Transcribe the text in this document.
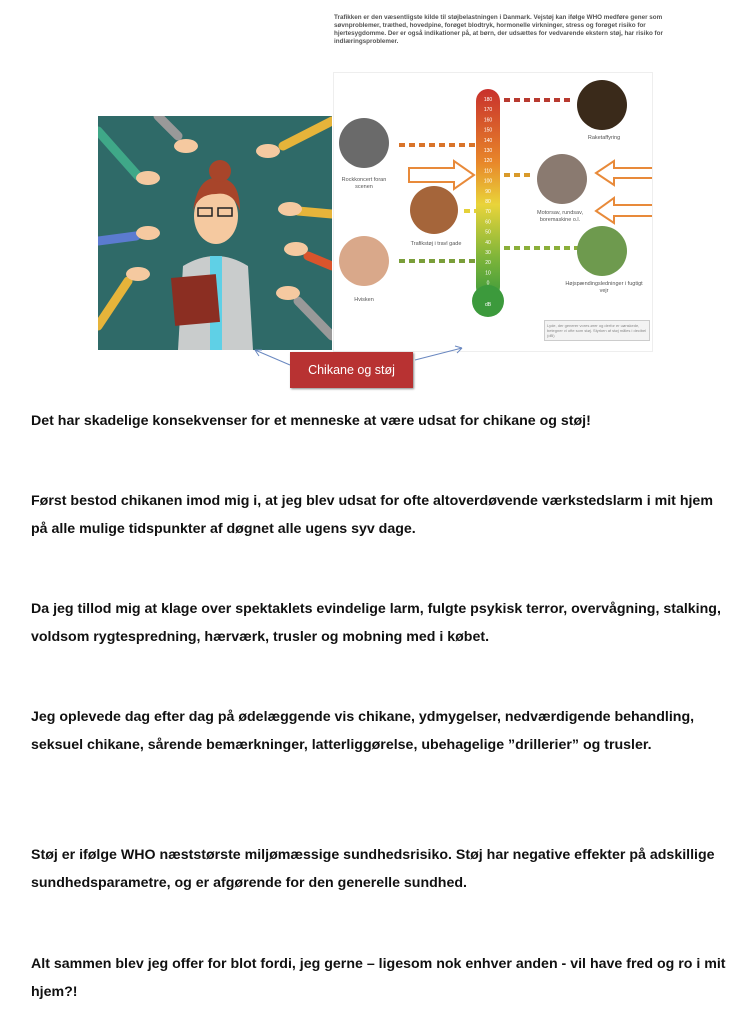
Trafikken er den væsentligste kilde til støjbelastningen i Danmark. Vejstøj kan ifølge WHO medføre gener som søvnproblemer, træthed, hovedpine, forøget blodtryk, hormonelle virkninger, stress og forøget risiko for hjertesygdomme. Der er også indikationer på, at børn, der udsættes for vedvarende ekstern støj, har risiko for indlæringsproblemer.
180
170
160
150
140
130
120
110
100
90
80
70
60
50
40
30
20
10
0
dB
Rockkoncert foran scenen
Trafikstøj i travl gade
Hvisken
Raketaffyring
Motorsav, rundsav, boremaskine o.l.
Højspændingsledninger i fugtigt vejr
Lyde, der generer vores ører og derfor er uønskede, betegner vi ofte som støj. Styrken af støj måles i decibel (dB)
Chikane og støj
Det har skadelige konsekvenser for et menneske at være udsat for chikane og støj!
Først bestod chikanen imod mig i, at jeg blev udsat for ofte altoverdøvende værkstedslarm i mit hjem på alle mulige tidspunkter af døgnet alle ugens syv dage.
Da jeg tillod mig at klage over spektaklets evindelige larm, fulgte psykisk terror, overvågning, stalking, voldsom rygtespredning, hærværk, trusler og mobning med i købet.
Jeg oplevede dag efter dag på ødelæggende vis chikane, ydmygelser, nedværdigende behandling, seksuel chikane, sårende bemærkninger, latterliggørelse, ubehagelige ”drillerier” og trusler.
Støj er ifølge WHO næststørste miljømæssige sundhedsrisiko. Støj har negative effekter på adskillige sundhedsparametre, og er afgørende for den generelle sundhed.
Alt sammen blev jeg offer for blot fordi, jeg gerne – ligesom nok enhver anden - vil have fred og ro i mit hjem?!
